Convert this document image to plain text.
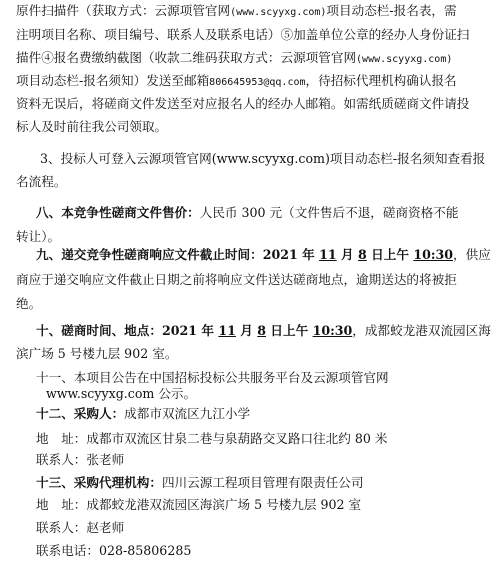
原件扫描件（获取方式：云源项管官网(www.scyyxg.com)项目动态栏-报名表，需
注明项目名称、项目编号、联系人及联系电话）⑤加盖单位公章的经办人身份证扫
描件④报名费缴纳截图（收款二维码获取方式：云源项管官网(www.scyyxg.com)
项目动态栏-报名须知）发送至邮箱806645953@qq.com，待招标代理机构确认报名
资料无误后，将磋商文件发送至对应报名人的经办人邮箱。如需纸质磋商文件请投
标人及时前往我公司领取。
3、投标人可登入云源项管官网(www.scyyxg.com)项目动态栏-报名须知查看报
名流程。
八、本竞争性磋商文件售价：人民币 300 元（文件售后不退，磋商资格不能
转让）。
九、递交竞争性磋商响应文件截止时间：2021 年 11 月 8 日上午 10:30，供应
商应于递交响应文件截止日期之前将响应文件送达磋商地点，逾期送达的将被拒
绝。
十、磋商时间、地点：2021 年 11 月 8 日上午 10:30，成都蛟龙港双流园区海
滨广场 5 号楼九层 902 室。
十一、本项目公告在中国招标投标公共服务平台及云源项管官网
www.scyyxg.com 公示。
十二、采购人：成都市双流区九江小学
地　址：成都市双流区甘泉二巷与泉葫路交叉路口往北约 80 米
联系人：张老师
十三、采购代理机构：四川云源工程项目管理有限责任公司
地　址：成都蛟龙港双流园区海滨广场 5 号楼九层 902 室
联系人：赵老师
联系电话：028-85806285
